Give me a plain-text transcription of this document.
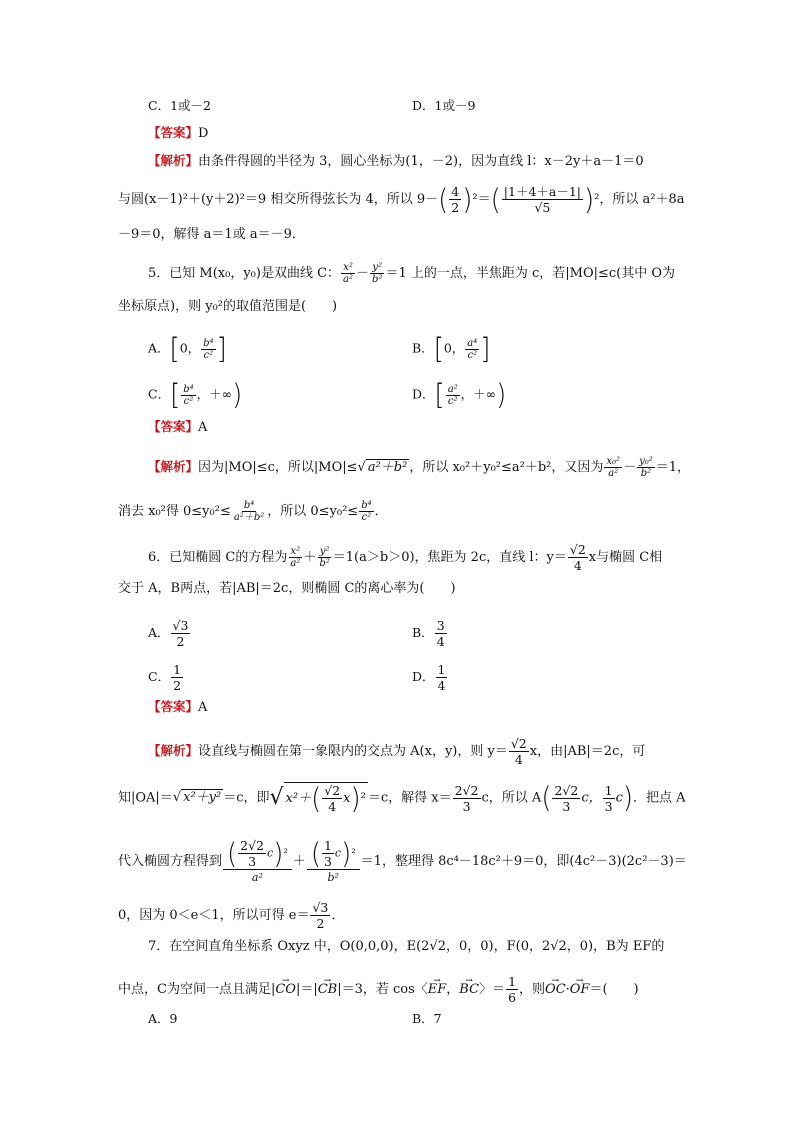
C．1或－2	D．1或－9
【答案】D
【解析】由条件得圆的半径为 3，圆心坐标为(1，－2)，因为直线 l：x－2y＋a－1＝0
与圆(x－1)²＋(y＋2)²＝9 相交所得弦长为 4，所以 $9-( \frac{4}{2} )^2=( \frac{|1+4+a-1|}{√5} )^2$，所以 a²＋8a
－9＝0，解得 a＝1或 a＝－9．
5．已知 M(x₀，y₀)是双曲线 C： $\frac{\text{x²}}{\text{a²}} - \frac{\text{y²}}{\text{b²}} =1$ 上的一点，半焦距为 c，若|MO|≤c(其中 O为
坐标原点)，则 y₀²的取值范围是(　　)
A．[0， $\frac{\text{b⁴}}{\text{c²}}$ ]	B．[0， $\frac{\text{a⁴}}{\text{c²}}$ ]
C．[ $\frac{\text{b⁴}}{\text{c²}}$ ，＋∞)	D．[ $\frac{\text{a²}}{\text{c²}}$ ，＋∞)
【答案】A
【解析】因为|MO|≤c，所以|MO|≤√ a²＋b² ，所以 x₀²＋y₀²≤a²＋b²，又因为 $\frac{\text{x₀²}}{\text{a²}} - \frac{\text{y₀²}}{\text{b²}} =1$，
消去 x₀²得 $0\le y_0^2\le \frac{\text{b⁴}}{\text{a²＋b²}}$ ，所以 $0\le y_0^2\le \frac{\text{b⁴}}{\text{c²}}$ ．
6．已知椭圆 C的方程为 $\frac{\text{x²}}{\text{a²}} + \frac{\text{y²}}{\text{b²}} =1(a>b>0)$，焦距为 2c，直线 l：$y= \frac{√2}{4}$ x与椭圆 C相
交于 A，B两点，若|AB|＝2c，则椭圆 C的离心率为(　　)
A． $\frac{√3}{2}$	B． $\frac{3}{4}$
C． $\frac{1}{2}$	D． $\frac{1}{4}$
【答案】A
【解析】设直线与椭圆在第一象限内的交点为 A(x，y)，则 $y= \frac{√2}{4}$ x，由|AB|＝2c，可
知|OA|＝√ x²＋y² ＝c，即√ $x^2+( \frac{√2}{4} x)^2 =c$，解得 $x= \frac{2√2}{3}$ c，所以 $A( \frac{2√2}{3}$ c， $\frac{1}{3} c$)．把点 A
代入椭圆方程得到 $\frac{( \frac{2√2}{3} c)^2}{\text{a²}} + \frac{( \frac{1}{3} c)^2}{\text{b²}} =1$，整理得 8c⁴－18c²＋9＝0，即(4c²－3)(2c²－3)＝
0，因为 0＜e＜1，所以可得 $e= \frac{√3}{2}$ ．
7．在空间直角坐标系 Oxyz 中，O(0,0,0)，E(2√2，0，0)，F(0，2√2，0)，B为 EF的
中点，C为空间一点且满足|→ CO|＝|→ CB|＝3，若 cos〈→ EF，→ BC〉＝ $\frac{1}{6}$ ，则→ OC·→ OF＝(　　)
A．9	B．7
